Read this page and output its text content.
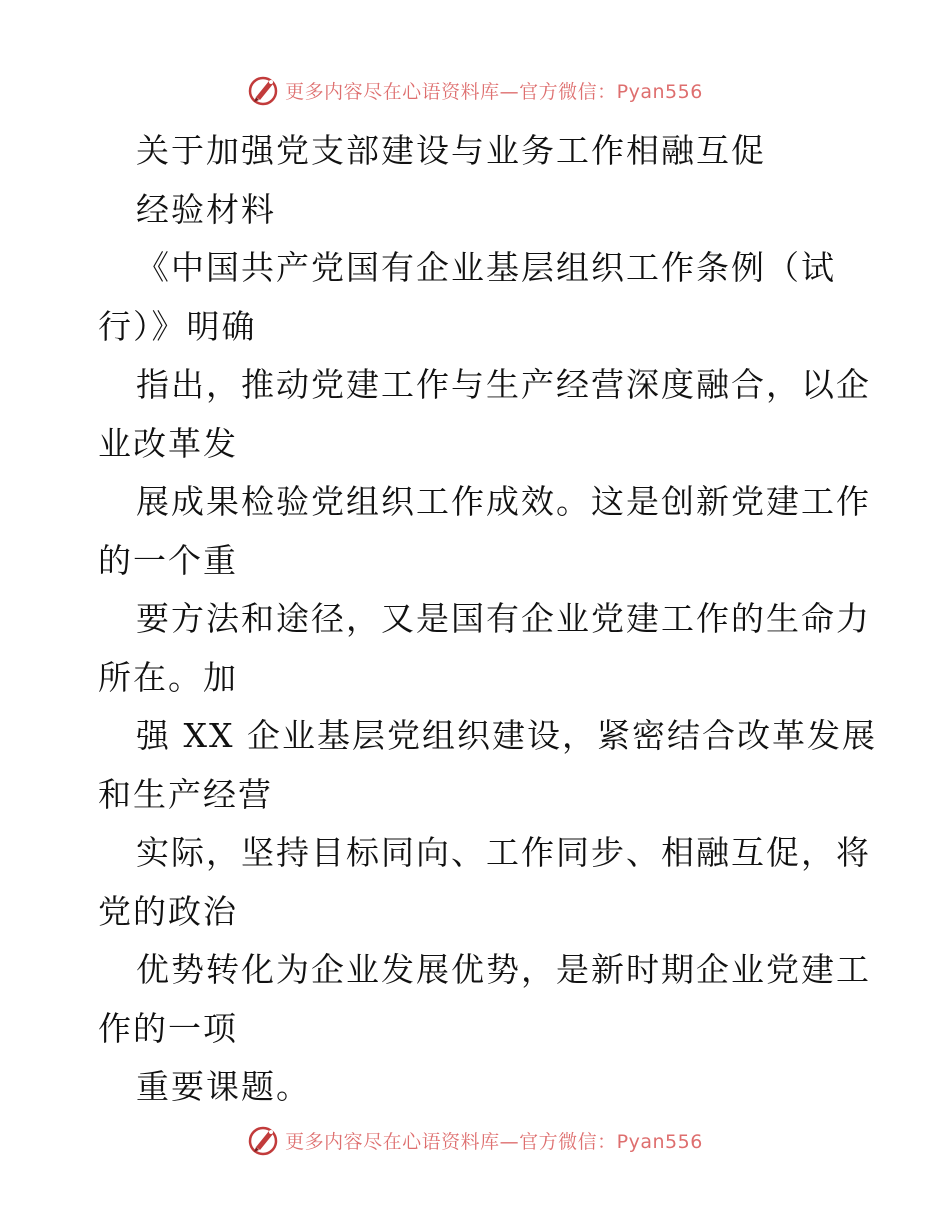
更多内容尽在心语资料库—官方微信：Pyan556
关于加强党支部建设与业务工作相融互促
经验材料
《中国共产党国有企业基层组织工作条例（试
行）》明确
指出，推动党建工作与生产经营深度融合，以企
业改革发
展成果检验党组织工作成效。这是创新党建工作
的一个重
要方法和途径，又是国有企业党建工作的生命力
所在。加
强 XX 企业基层党组织建设，紧密结合改革发展
和生产经营
实际，坚持目标同向、工作同步、相融互促，将
党的政治
优势转化为企业发展优势，是新时期企业党建工
作的一项
重要课题。
更多内容尽在心语资料库—官方微信：Pyan556
